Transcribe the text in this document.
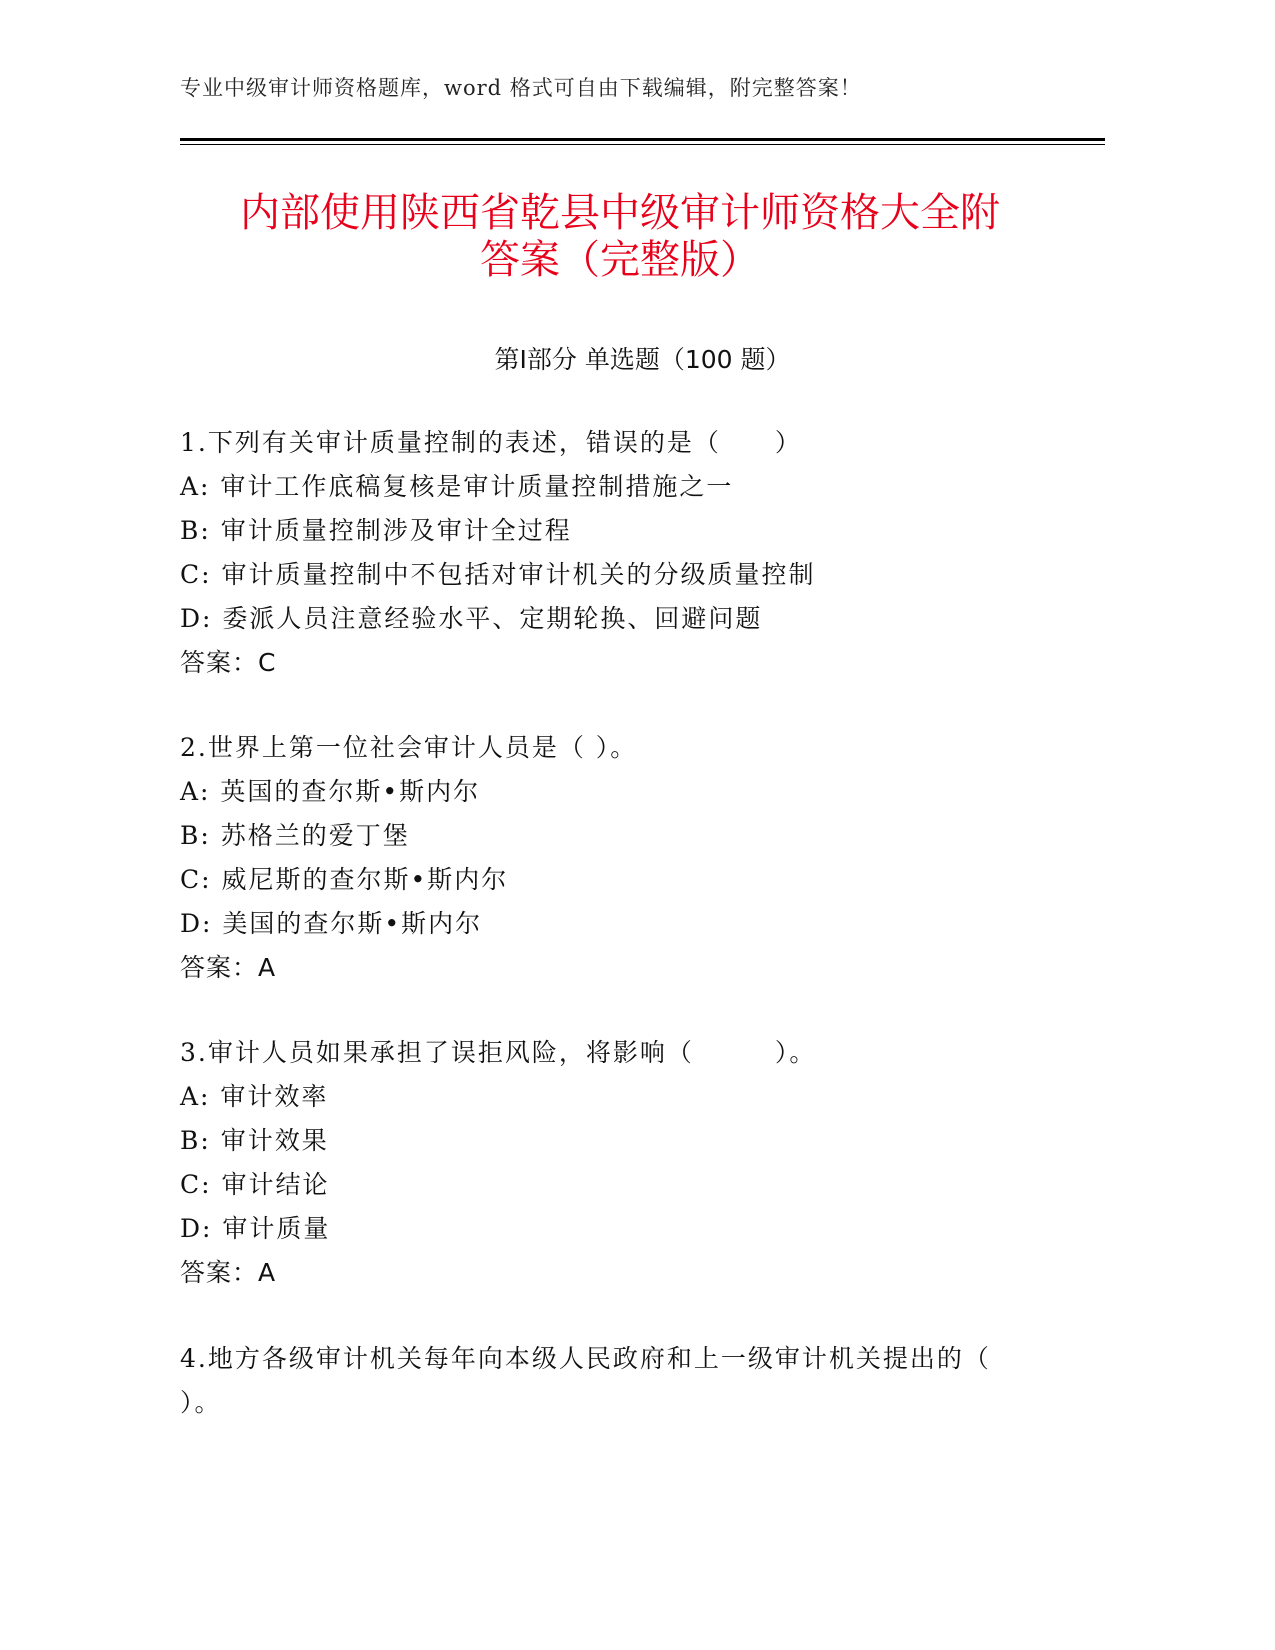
专业中级审计师资格题库，word 格式可自由下载编辑，附完整答案！
内部使用陕西省乾县中级审计师资格大全附
答案（完整版）
第Ⅰ部分 单选题（100 题）
1.下列有关审计质量控制的表述，错误的是（　　）
A: 审计工作底稿复核是审计质量控制措施之一
B: 审计质量控制涉及审计全过程
C: 审计质量控制中不包括对审计机关的分级质量控制
D: 委派人员注意经验水平、定期轮换、回避问题
答案：C
2.世界上第一位社会审计人员是（ ）。
A: 英国的查尔斯•斯内尔
B: 苏格兰的爱丁堡
C: 威尼斯的查尔斯•斯内尔
D: 美国的查尔斯•斯内尔
答案：A
3.审计人员如果承担了误拒风险，将影响（　　　）。
A: 审计效率
B: 审计效果
C: 审计结论
D: 审计质量
答案：A
4.地方各级审计机关每年向本级人民政府和上一级审计机关提出的（ ）。
